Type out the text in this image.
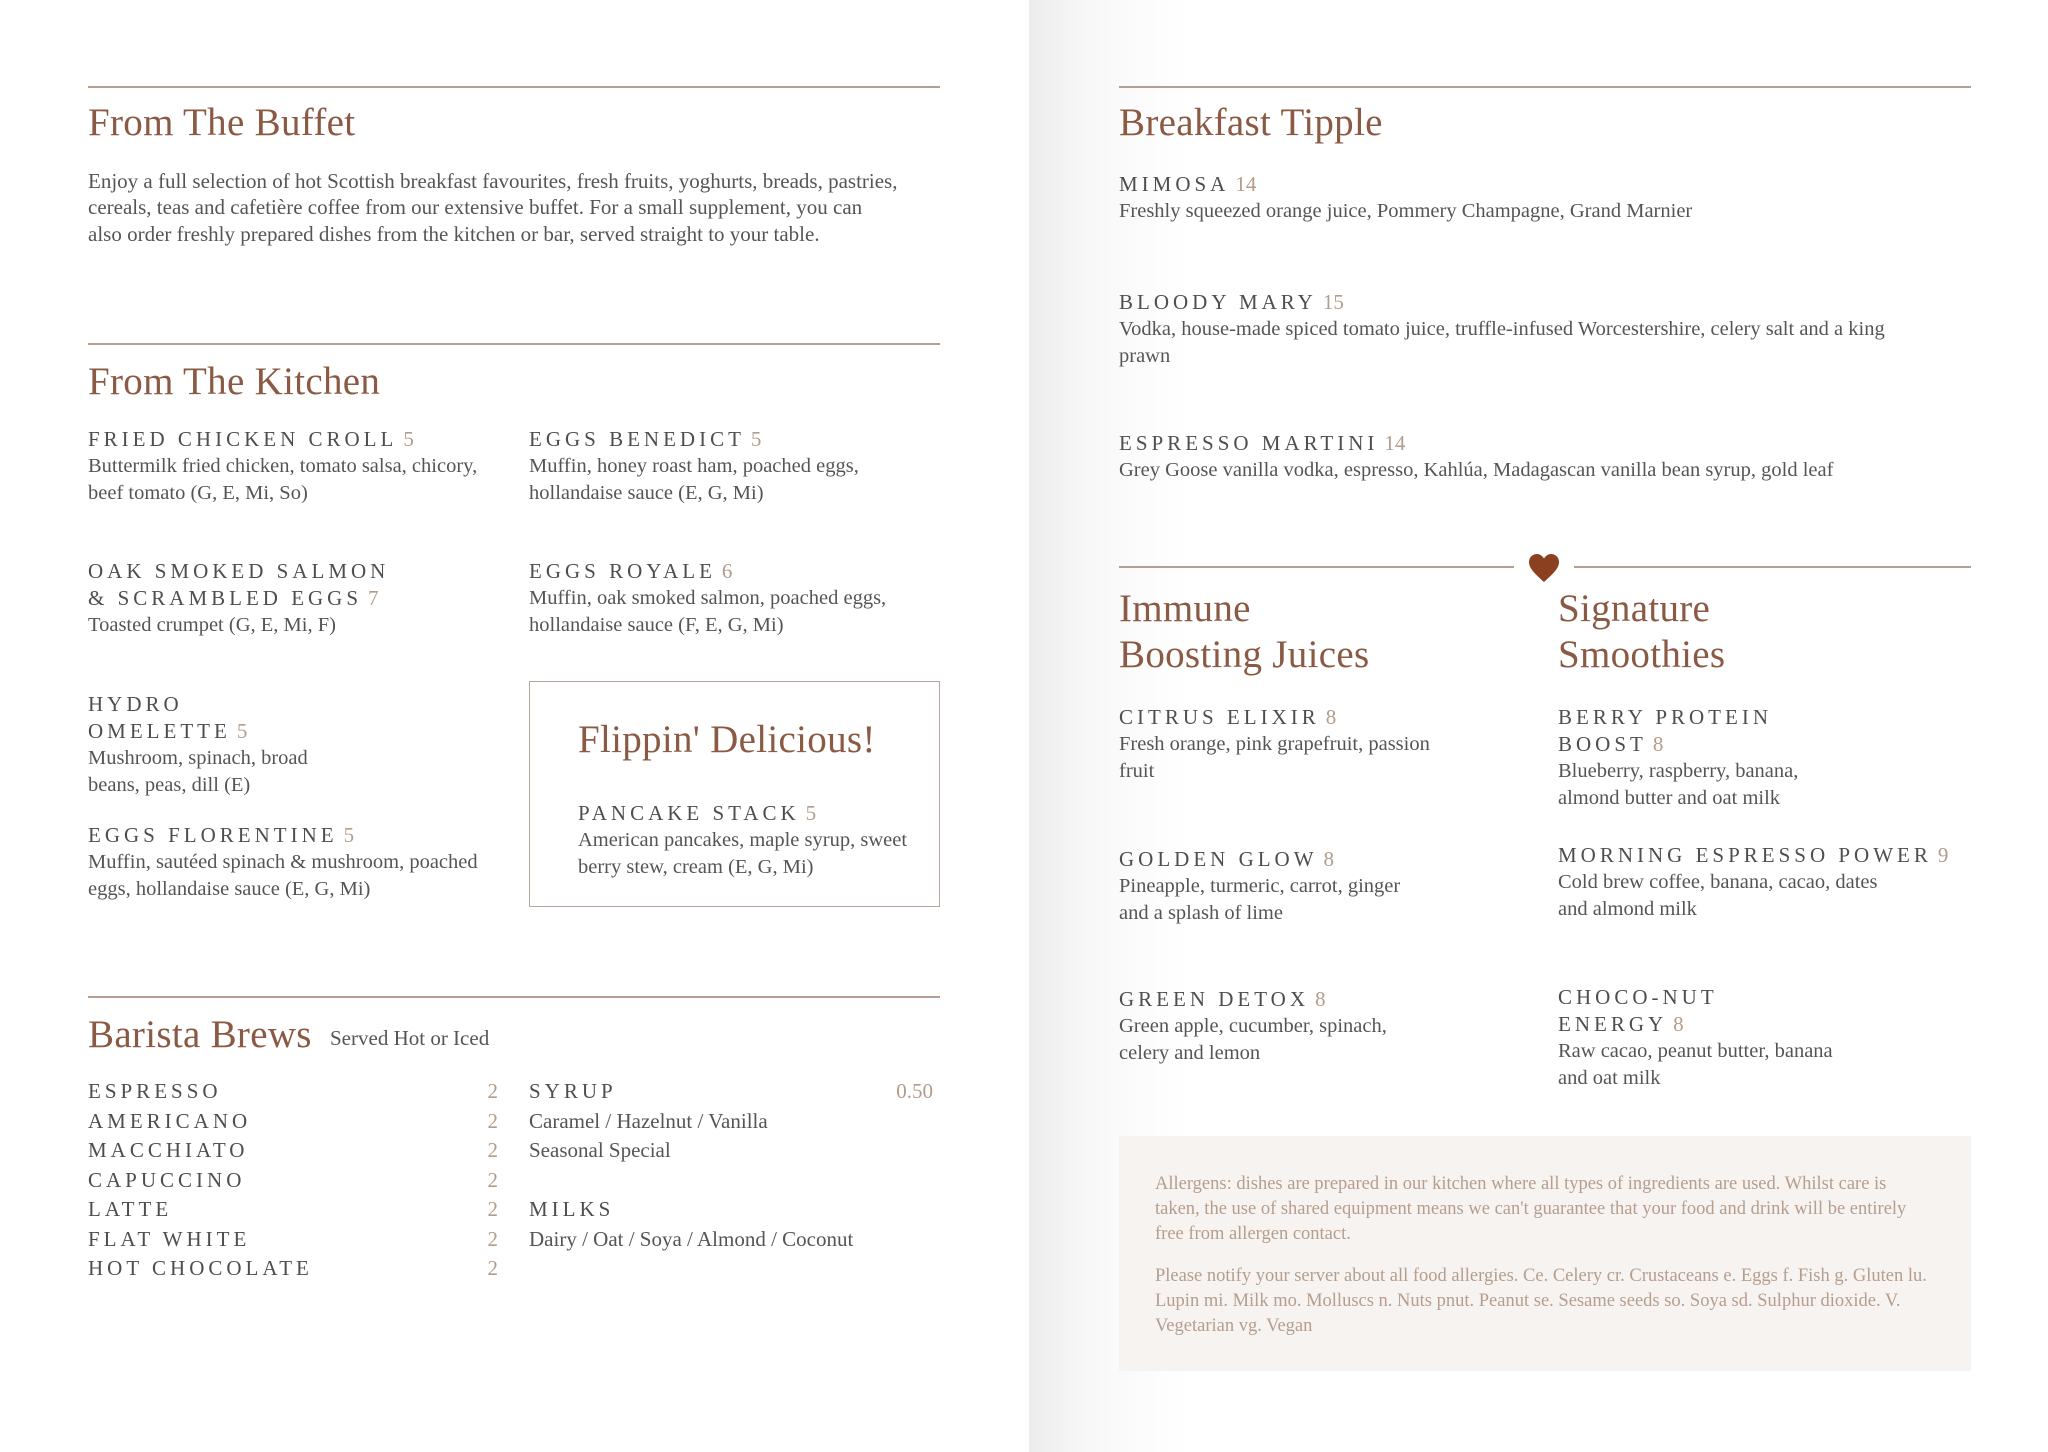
From The Buffet

Enjoy a full selection of hot Scottish breakfast favourites, fresh fruits, yoghurts, breads, pastries, cereals, teas and cafetière coffee from our extensive buffet. For a small supplement, you can also order freshly prepared dishes from the kitchen or bar, served straight to your table.

From The Kitchen
FRIED CHICKEN CROLL 5
Buttermilk fried chicken, tomato salsa, chicory, beef tomato (G, E, Mi, So)
EGGS BENEDICT 5
Muffin, honey roast ham, poached eggs, hollandaise sauce (E, G, Mi)
OAK SMOKED SALMON & SCRAMBLED EGGS 7
Toasted crumpet (G, E, Mi, F)
EGGS ROYALE 6
Muffin, oak smoked salmon, poached eggs, hollandaise sauce (F, E, G, Mi)
HYDRO OMELETTE 5
Mushroom, spinach, broad beans, peas, dill (E)
EGGS FLORENTINE 5
Muffin, sautéed spinach & mushroom, poached eggs, hollandaise sauce (E, G, Mi)
Flippin' Delicious!
PANCAKE STACK 5
American pancakes, maple syrup, sweet berry stew, cream (E, G, Mi)
Barista Brews Served Hot or Iced
ESPRESSO	2
AMERICANO	2
MACCHIATO	2
CAPUCCINO	2
LATTE	2
FLAT WHITE	2
HOT CHOCOLATE	2
SYRUP	0.50
Caramel / Hazelnut / Vanilla
Seasonal Special
MILKS
Dairy / Oat / Soya / Almond / Coconut
Breakfast Tipple
MIMOSA 14
Freshly squeezed orange juice, Pommery Champagne, Grand Marnier
BLOODY MARY 15
Vodka, house-made spiced tomato juice, truffle-infused Worcestershire, celery salt and a king prawn
ESPRESSO MARTINI 14
Grey Goose vanilla vodka, espresso, Kahlúa, Madagascan vanilla bean syrup, gold leaf
Immune
Boosting Juices
Signature
Smoothies
CITRUS ELIXIR 8
Fresh orange, pink grapefruit, passion fruit
GOLDEN GLOW 8
Pineapple, turmeric, carrot, ginger and a splash of lime
GREEN DETOX 8
Green apple, cucumber, spinach, celery and lemon
BERRY PROTEIN BOOST 8
Blueberry, raspberry, banana, almond butter and oat milk
MORNING ESPRESSO POWER 9
Cold brew coffee, banana, cacao, dates and almond milk
CHOCO-NUT ENERGY 8
Raw cacao, peanut butter, banana and oat milk

Allergens: dishes are prepared in our kitchen where all types of ingredients are used. Whilst care is taken, the use of shared equipment means we can't guarantee that your food and drink will be entirely free from allergen contact.

Please notify your server about all food allergies. Ce. Celery cr. Crustaceans e. Eggs f. Fish g. Gluten lu. Lupin mi. Milk mo. Molluscs n. Nuts pnut. Peanut se. Sesame seeds so. Soya sd. Sulphur dioxide. V. Vegetarian vg. Vegan
